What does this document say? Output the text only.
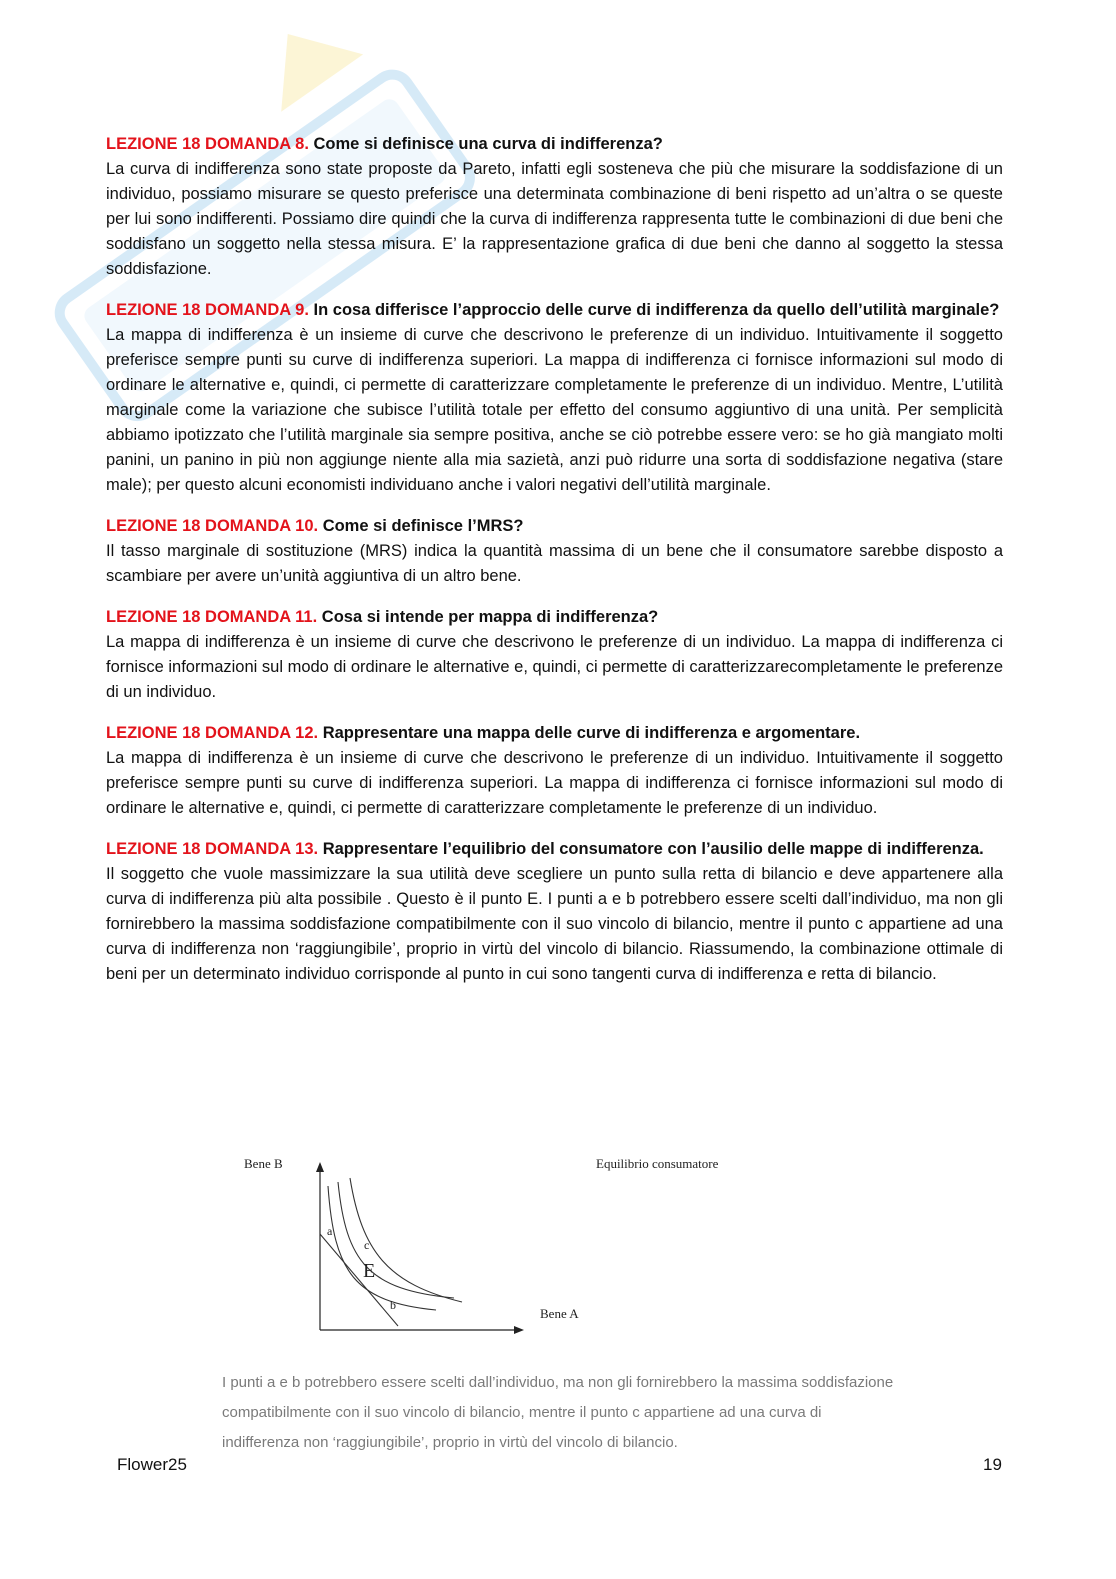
LEZIONE 18 DOMANDA 8. Come si definisce una curva di indifferenza?

La curva di indifferenza sono state proposte da Pareto, infatti egli sosteneva che più che misurare la soddisfazione di un individuo, possiamo misurare se questo preferisce una determinata combinazione di beni rispetto ad un’altra o se queste per lui sono indifferenti. Possiamo dire quindi che la curva di indifferenza rappresenta tutte le combinazioni di due beni che soddisfano un soggetto nella stessa misura. E’ la rappresentazione grafica di due beni che danno al soggetto la stessa soddisfazione.

LEZIONE 18 DOMANDA 9. In cosa differisce l’approccio delle curve di indifferenza da quello dell’utilità marginale?

La mappa di indifferenza è un insieme di curve che descrivono le preferenze di un individuo. Intuitivamente il soggetto preferisce sempre punti su curve di indifferenza superiori. La mappa di indifferenza ci fornisce informazioni sul modo di ordinare le alternative e, quindi, ci permette di caratterizzare completamente le preferenze di un individuo. Mentre, L’utilità marginale come la variazione che subisce l’utilità totale per effetto del consumo aggiuntivo di una unità. Per semplicità abbiamo ipotizzato che l’utilità marginale sia sempre positiva, anche se ciò potrebbe essere vero: se ho già mangiato molti panini, un panino in più non aggiunge niente alla mia sazietà, anzi può ridurre una sorta di soddisfazione negativa (stare male); per questo alcuni economisti individuano anche i valori negativi dell’utilità marginale.

LEZIONE 18 DOMANDA 10. Come si definisce l’MRS?

Il tasso marginale di sostituzione (MRS) indica la quantità massima di un bene che il consumatore sarebbe disposto a scambiare per avere un’unità aggiuntiva di un altro bene.

LEZIONE 18 DOMANDA 11. Cosa si intende per mappa di indifferenza?

La mappa di indifferenza è un insieme di curve che descrivono le preferenze di un individuo. La mappa di indifferenza ci fornisce informazioni sul modo di ordinare le alternative e, quindi, ci permette di caratterizzarecompletamente le preferenze di un individuo.

LEZIONE 18 DOMANDA 12. Rappresentare una mappa delle curve di indifferenza e argomentare.

La mappa di indifferenza è un insieme di curve che descrivono le preferenze di un individuo. Intuitivamente il soggetto preferisce sempre punti su curve di indifferenza superiori. La mappa di indifferenza ci fornisce informazioni sul modo di ordinare le alternative e, quindi, ci permette di caratterizzare completamente le preferenze di un individuo.

LEZIONE 18 DOMANDA 13. Rappresentare l’equilibrio del consumatore con l’ausilio delle mappe di indifferenza.

Il soggetto che vuole massimizzare la sua utilità deve scegliere un punto sulla retta di bilancio e deve appartenere alla curva di indifferenza più alta possibile . Questo è il punto E. I punti a e b potrebbero essere scelti dall’individuo, ma non gli fornirebbero la massima soddisfazione compatibilmente con il suo vincolo di bilancio, mentre il punto c appartiene ad una curva di indifferenza non ‘raggiungibile’, proprio in virtù del vincolo di bilancio. Riassumendo, la combinazione ottimale di beni per un determinato individuo corrisponde al punto in cui sono tangenti curva di indifferenza e retta di bilancio.

Bene B
Bene A
Equilibrio consumatore
a
c
E
b

I punti a e b potrebbero essere scelti dall’individuo, ma non gli fornirebbero la massima soddisfazione compatibilmente con il suo vincolo di bilancio, mentre il punto c appartiene ad una curva di indifferenza non ‘raggiungibile’, proprio in virtù del vincolo di bilancio.

Flower25	19
